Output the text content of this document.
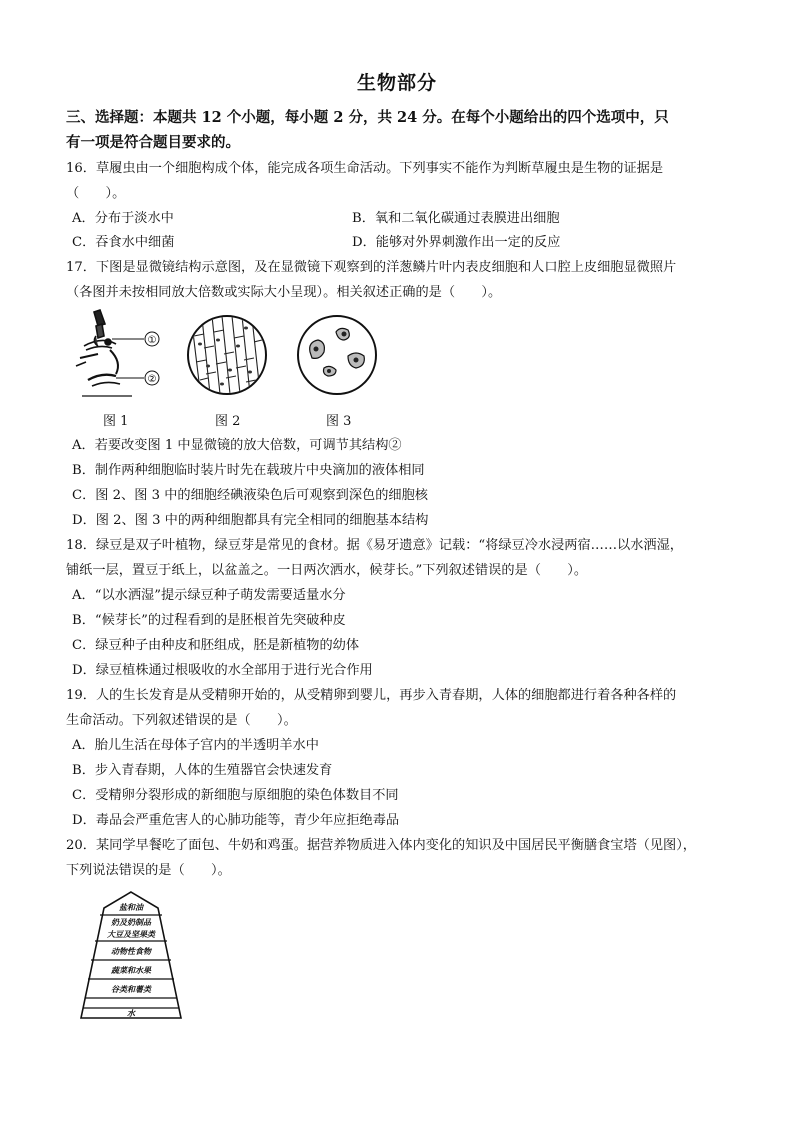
生物部分
三、选择题：本题共 12 个小题，每小题 2 分，共 24 分。在每个小题给出的四个选项中，只
有一项是符合题目要求的。
16．草履虫由一个细胞构成个体，能完成各项生命活动。下列事实不能作为判断草履虫是生物的证据是
（　　）。
A．分布于淡水中	B．氧和二氧化碳通过表膜进出细胞
C．吞食水中细菌	D．能够对外界刺激作出一定的反应
17．下图是显微镜结构示意图，及在显微镜下观察到的洋葱鳞片叶内表皮细胞和人口腔上皮细胞显微照片
（各图并未按相同放大倍数或实际大小呈现）。相关叙述正确的是（　　）。
①
②
图 1	图 2	图 3
A．若要改变图 1 中显微镜的放大倍数，可调节其结构②
B．制作两种细胞临时装片时先在载玻片中央滴加的液体相同
C．图 2、图 3 中的细胞经碘液染色后可观察到深色的细胞核
D．图 2、图 3 中的两种细胞都具有完全相同的细胞基本结构
18．绿豆是双子叶植物，绿豆芽是常见的食材。据《易牙遗意》记载：“将绿豆冷水浸两宿……以水洒湿，
铺纸一层，置豆于纸上，以盆盖之。一日两次洒水，候芽长。”下列叙述错误的是（　　）。
A．“以水洒湿”提示绿豆种子萌发需要适量水分
B．“候芽长”的过程看到的是胚根首先突破种皮
C．绿豆种子由种皮和胚组成，胚是新植物的幼体
D．绿豆植株通过根吸收的水全部用于进行光合作用
19．人的生长发育是从受精卵开始的，从受精卵到婴儿，再步入青春期，人体的细胞都进行着各种各样的
生命活动。下列叙述错误的是（　　）。
A．胎儿生活在母体子宫内的半透明羊水中
B．步入青春期，人体的生殖器官会快速发育
C．受精卵分裂形成的新细胞与原细胞的染色体数目不同
D．毒品会严重危害人的心肺功能等，青少年应拒绝毒品
20．某同学早餐吃了面包、牛奶和鸡蛋。据营养物质进入体内变化的知识及中国居民平衡膳食宝塔（见图），
下列说法错误的是（　　）。
盐和油
奶及奶制品
大豆及坚果类
动物性食物
蔬菜和水果
谷类和薯类
水
